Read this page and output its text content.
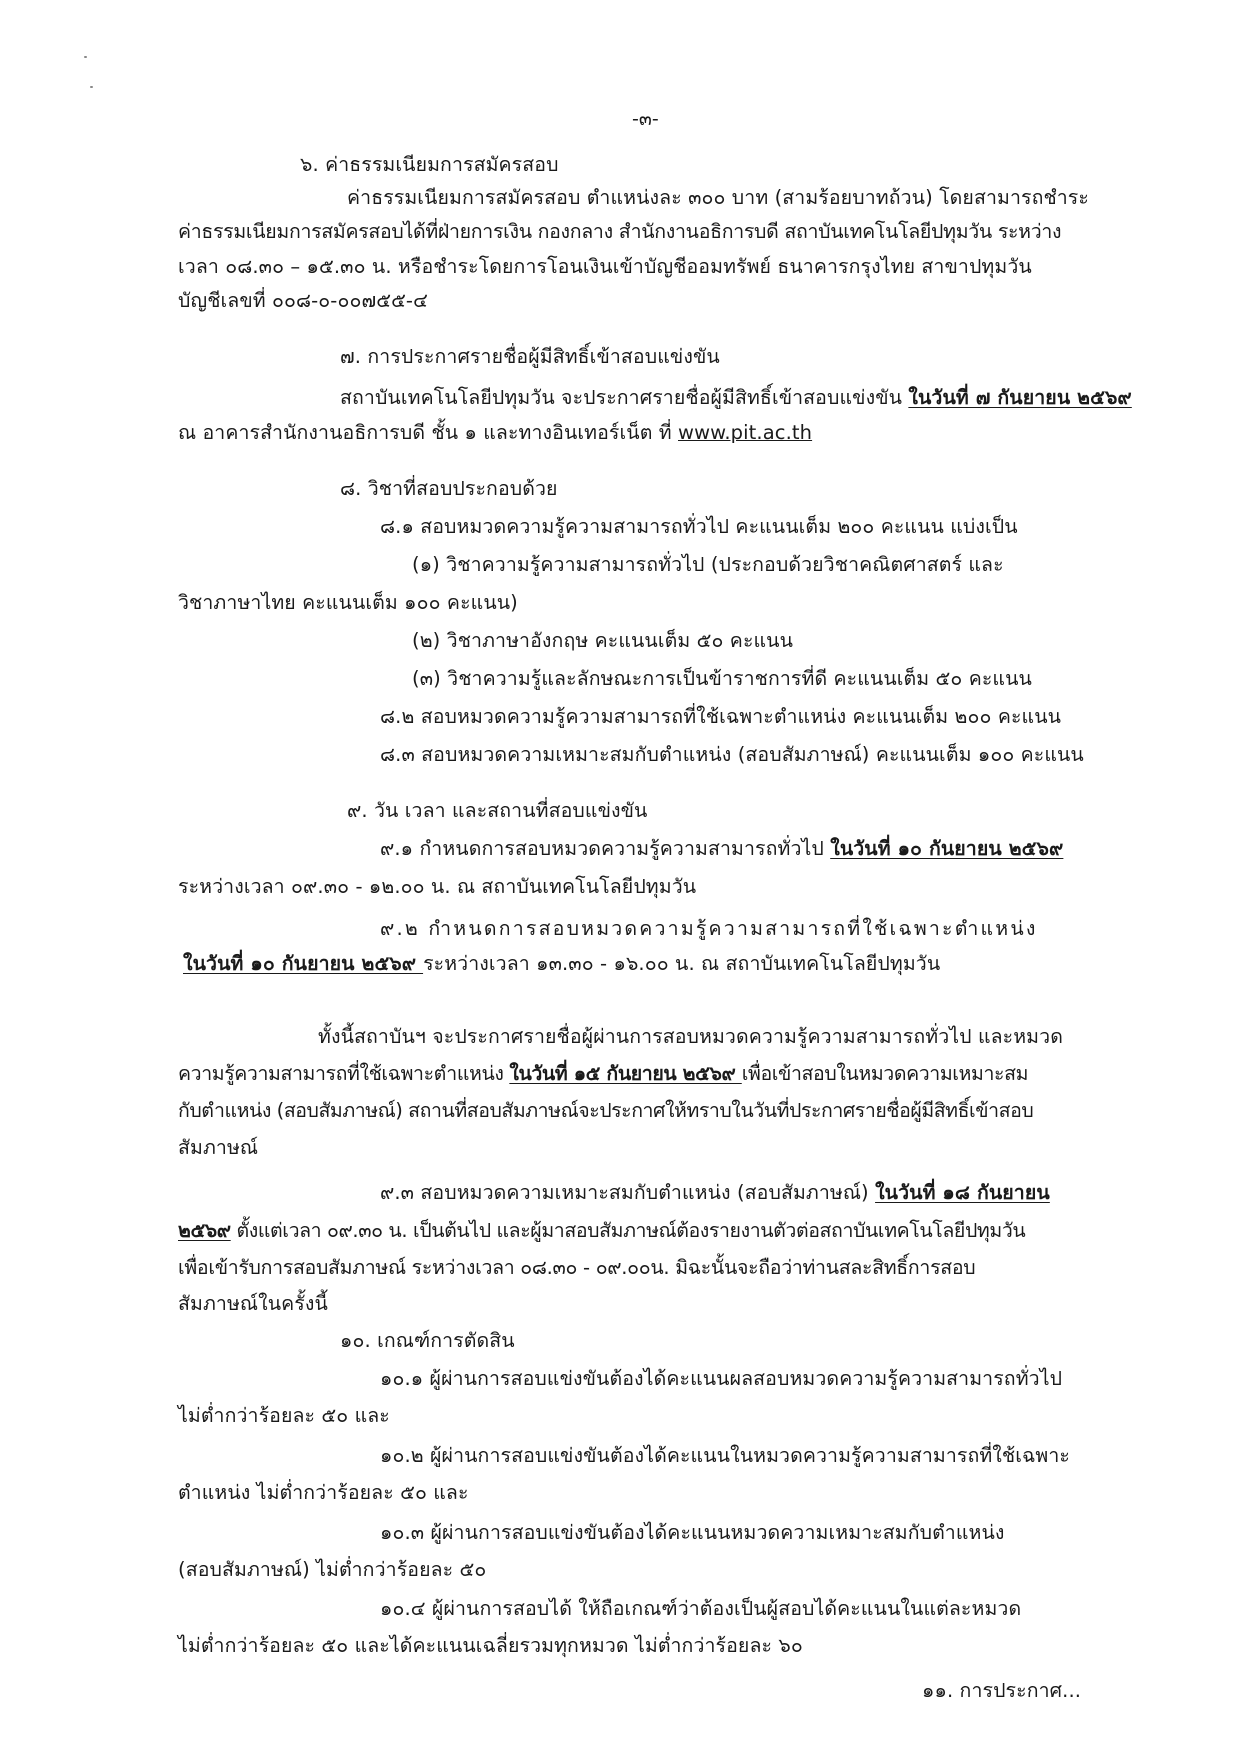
-๓-
๖. ค่าธรรมเนียมการสมัครสอบ
ค่าธรรมเนียมการสมัครสอบ ตำแหน่งละ ๓๐๐ บาท (สามร้อยบาทถ้วน) โดยสามารถชำระ
ค่าธรรมเนียมการสมัครสอบได้ที่ฝ่ายการเงิน กองกลาง สำนักงานอธิการบดี สถาบันเทคโนโลยีปทุมวัน ระหว่าง
เวลา ๐๘.๓๐ – ๑๕.๓๐ น. หรือชำระโดยการโอนเงินเข้าบัญชีออมทรัพย์ ธนาคารกรุงไทย สาขาปทุมวัน
บัญชีเลขที่ ๐๐๘-๐-๐๐๗๕๕-๔
๗. การประกาศรายชื่อผู้มีสิทธิ์เข้าสอบแข่งขัน
สถาบันเทคโนโลยีปทุมวัน จะประกาศรายชื่อผู้มีสิทธิ์เข้าสอบแข่งขัน ในวันที่ ๗ กันยายน ๒๕๖๙
ณ อาคารสำนักงานอธิการบดี ชั้น ๑ และทางอินเทอร์เน็ต ที่ www.pit.ac.th
๘. วิชาที่สอบประกอบด้วย
๘.๑ สอบหมวดความรู้ความสามารถทั่วไป คะแนนเต็ม ๒๐๐ คะแนน แบ่งเป็น
(๑) วิชาความรู้ความสามารถทั่วไป (ประกอบด้วยวิชาคณิตศาสตร์ และ
วิชาภาษาไทย คะแนนเต็ม ๑๐๐ คะแนน)
(๒) วิชาภาษาอังกฤษ คะแนนเต็ม ๕๐ คะแนน
(๓) วิชาความรู้และลักษณะการเป็นข้าราชการที่ดี คะแนนเต็ม ๕๐ คะแนน
๘.๒ สอบหมวดความรู้ความสามารถที่ใช้เฉพาะตำแหน่ง คะแนนเต็ม ๒๐๐ คะแนน
๘.๓ สอบหมวดความเหมาะสมกับตำแหน่ง (สอบสัมภาษณ์) คะแนนเต็ม ๑๐๐ คะแนน
๙. วัน เวลา และสถานที่สอบแข่งขัน
๙.๑ กำหนดการสอบหมวดความรู้ความสามารถทั่วไป ในวันที่ ๑๐ กันยายน ๒๕๖๙
ระหว่างเวลา ๐๙.๓๐ - ๑๒.๐๐ น. ณ สถาบันเทคโนโลยีปทุมวัน
๙.๒ กำหนดการสอบหมวดความรู้ความสามารถที่ใช้เฉพาะตำแหน่ง
ในวันที่ ๑๐ กันยายน ๒๕๖๙ ระหว่างเวลา ๑๓.๓๐ - ๑๖.๐๐ น. ณ สถาบันเทคโนโลยีปทุมวัน
ทั้งนี้สถาบันฯ จะประกาศรายชื่อผู้ผ่านการสอบหมวดความรู้ความสามารถทั่วไป และหมวด
ความรู้ความสามารถที่ใช้เฉพาะตำแหน่ง ในวันที่ ๑๕ กันยายน ๒๕๖๙ เพื่อเข้าสอบในหมวดความเหมาะสม
กับตำแหน่ง (สอบสัมภาษณ์) สถานที่สอบสัมภาษณ์จะประกาศให้ทราบในวันที่ประกาศรายชื่อผู้มีสิทธิ์เข้าสอบ
สัมภาษณ์
๙.๓ สอบหมวดความเหมาะสมกับตำแหน่ง (สอบสัมภาษณ์) ในวันที่ ๑๘ กันยายน
๒๕๖๙ ตั้งแต่เวลา ๐๙.๓๐ น. เป็นต้นไป และผู้มาสอบสัมภาษณ์ต้องรายงานตัวต่อสถาบันเทคโนโลยีปทุมวัน
เพื่อเข้ารับการสอบสัมภาษณ์ ระหว่างเวลา ๐๘.๓๐ - ๐๙.๐๐น. มิฉะนั้นจะถือว่าท่านสละสิทธิ์การสอบ
สัมภาษณ์ในครั้งนี้
๑๐. เกณฑ์การตัดสิน
๑๐.๑ ผู้ผ่านการสอบแข่งขันต้องได้คะแนนผลสอบหมวดความรู้ความสามารถทั่วไป
ไม่ต่ำกว่าร้อยละ ๕๐ และ
๑๐.๒ ผู้ผ่านการสอบแข่งขันต้องได้คะแนนในหมวดความรู้ความสามารถที่ใช้เฉพาะ
ตำแหน่ง ไม่ต่ำกว่าร้อยละ ๕๐ และ
๑๐.๓ ผู้ผ่านการสอบแข่งขันต้องได้คะแนนหมวดความเหมาะสมกับตำแหน่ง
(สอบสัมภาษณ์) ไม่ต่ำกว่าร้อยละ ๕๐
๑๐.๔ ผู้ผ่านการสอบได้ ให้ถือเกณฑ์ว่าต้องเป็นผู้สอบได้คะแนนในแต่ละหมวด
ไม่ต่ำกว่าร้อยละ ๕๐ และได้คะแนนเฉลี่ยรวมทุกหมวด ไม่ต่ำกว่าร้อยละ ๖๐
๑๑. การประกาศ...
